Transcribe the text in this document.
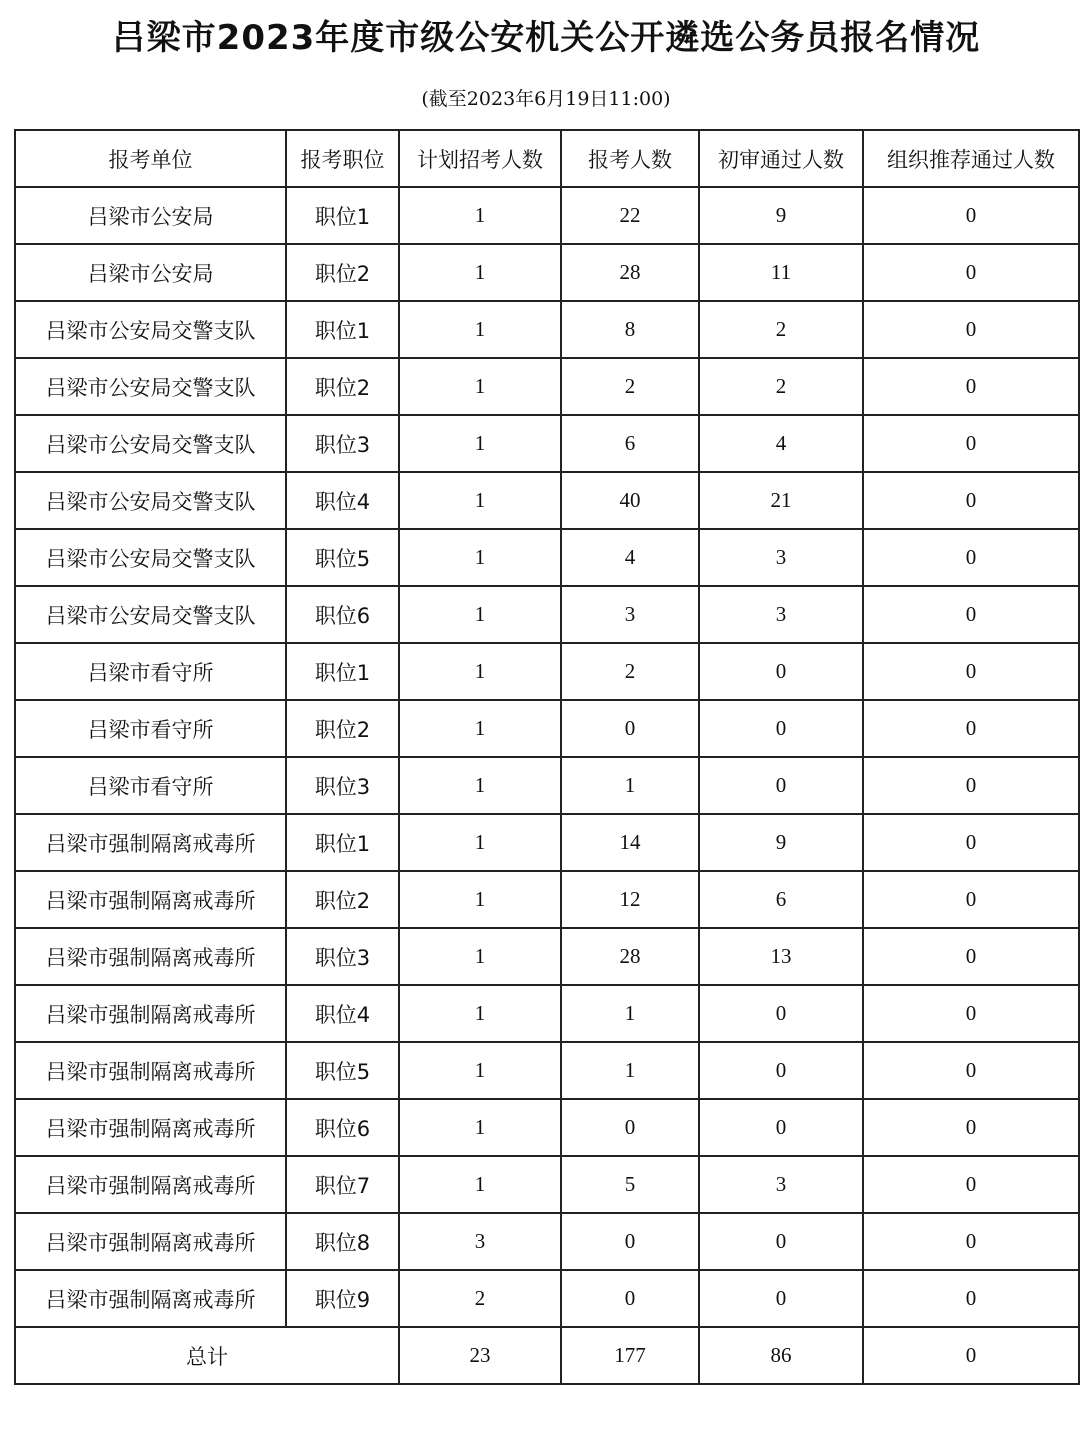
吕梁市2023年度市级公安机关公开遴选公务员报名情况
(截至2023年6月19日11:00)
报考单位	报考职位	计划招考人数	报考人数	初审通过人数	组织推荐通过人数
吕梁市公安局	职位1	1	22	9	0
吕梁市公安局	职位2	1	28	11	0
吕梁市公安局交警支队	职位1	1	8	2	0
吕梁市公安局交警支队	职位2	1	2	2	0
吕梁市公安局交警支队	职位3	1	6	4	0
吕梁市公安局交警支队	职位4	1	40	21	0
吕梁市公安局交警支队	职位5	1	4	3	0
吕梁市公安局交警支队	职位6	1	3	3	0
吕梁市看守所	职位1	1	2	0	0
吕梁市看守所	职位2	1	0	0	0
吕梁市看守所	职位3	1	1	0	0
吕梁市强制隔离戒毒所	职位1	1	14	9	0
吕梁市强制隔离戒毒所	职位2	1	12	6	0
吕梁市强制隔离戒毒所	职位3	1	28	13	0
吕梁市强制隔离戒毒所	职位4	1	1	0	0
吕梁市强制隔离戒毒所	职位5	1	1	0	0
吕梁市强制隔离戒毒所	职位6	1	0	0	0
吕梁市强制隔离戒毒所	职位7	1	5	3	0
吕梁市强制隔离戒毒所	职位8	3	0	0	0
吕梁市强制隔离戒毒所	职位9	2	0	0	0
总计		23	177	86	0
